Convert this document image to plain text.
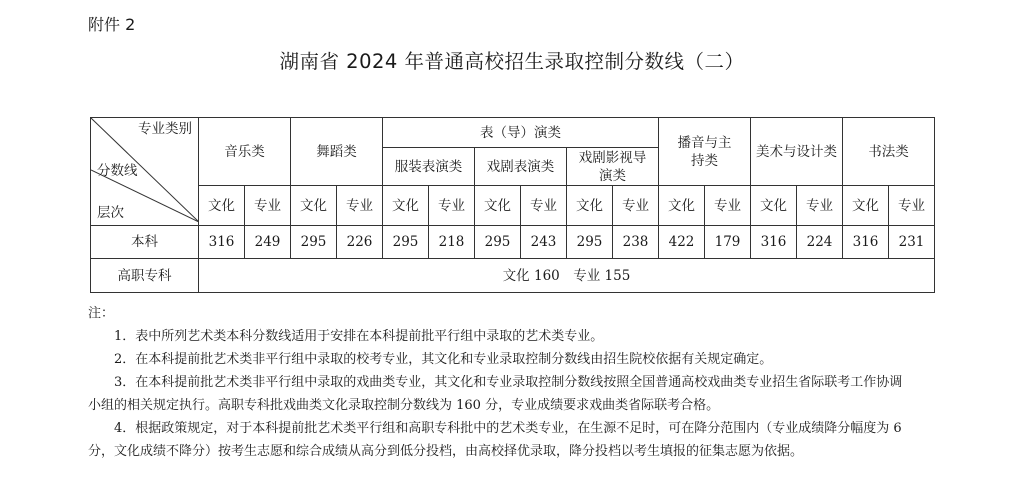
附件 2
湖南省 2024 年普通高校招生录取控制分数线（二）
专业类别
分数线
层次	音乐类		舞蹈类		表（导）演类						播音与主持类		美术与设计类		书法类	
					服装表演类		戏剧表演类		戏剧影视导演类							

	文化	专业	文化	专业	文化	专业	文化	专业	文化	专业	文化	专业	文化	专业	文化	专业
本科	316	249	295	226	295	218	295	243	295	238	422	179	316	224	316	231
高职专科	文化 160　专业 155															

注：

1．表中所列艺术类本科分数线适用于安排在本科提前批平行组中录取的艺术类专业。

2．在本科提前批艺术类非平行组中录取的校考专业，其文化和专业录取控制分数线由招生院校依据有关规定确定。

3．在本科提前批艺术类非平行组中录取的戏曲类专业，其文化和专业录取控制分数线按照全国普通高校戏曲类专业招生省际联考工作协调

小组的相关规定执行。高职专科批戏曲类文化录取控制分数线为 160 分，专业成绩要求戏曲类省际联考合格。

4．根据政策规定，对于本科提前批艺术类平行组和高职专科批中的艺术类专业，在生源不足时，可在降分范围内（专业成绩降分幅度为 6

分，文化成绩不降分）按考生志愿和综合成绩从高分到低分投档，由高校择优录取，降分投档以考生填报的征集志愿为依据。
